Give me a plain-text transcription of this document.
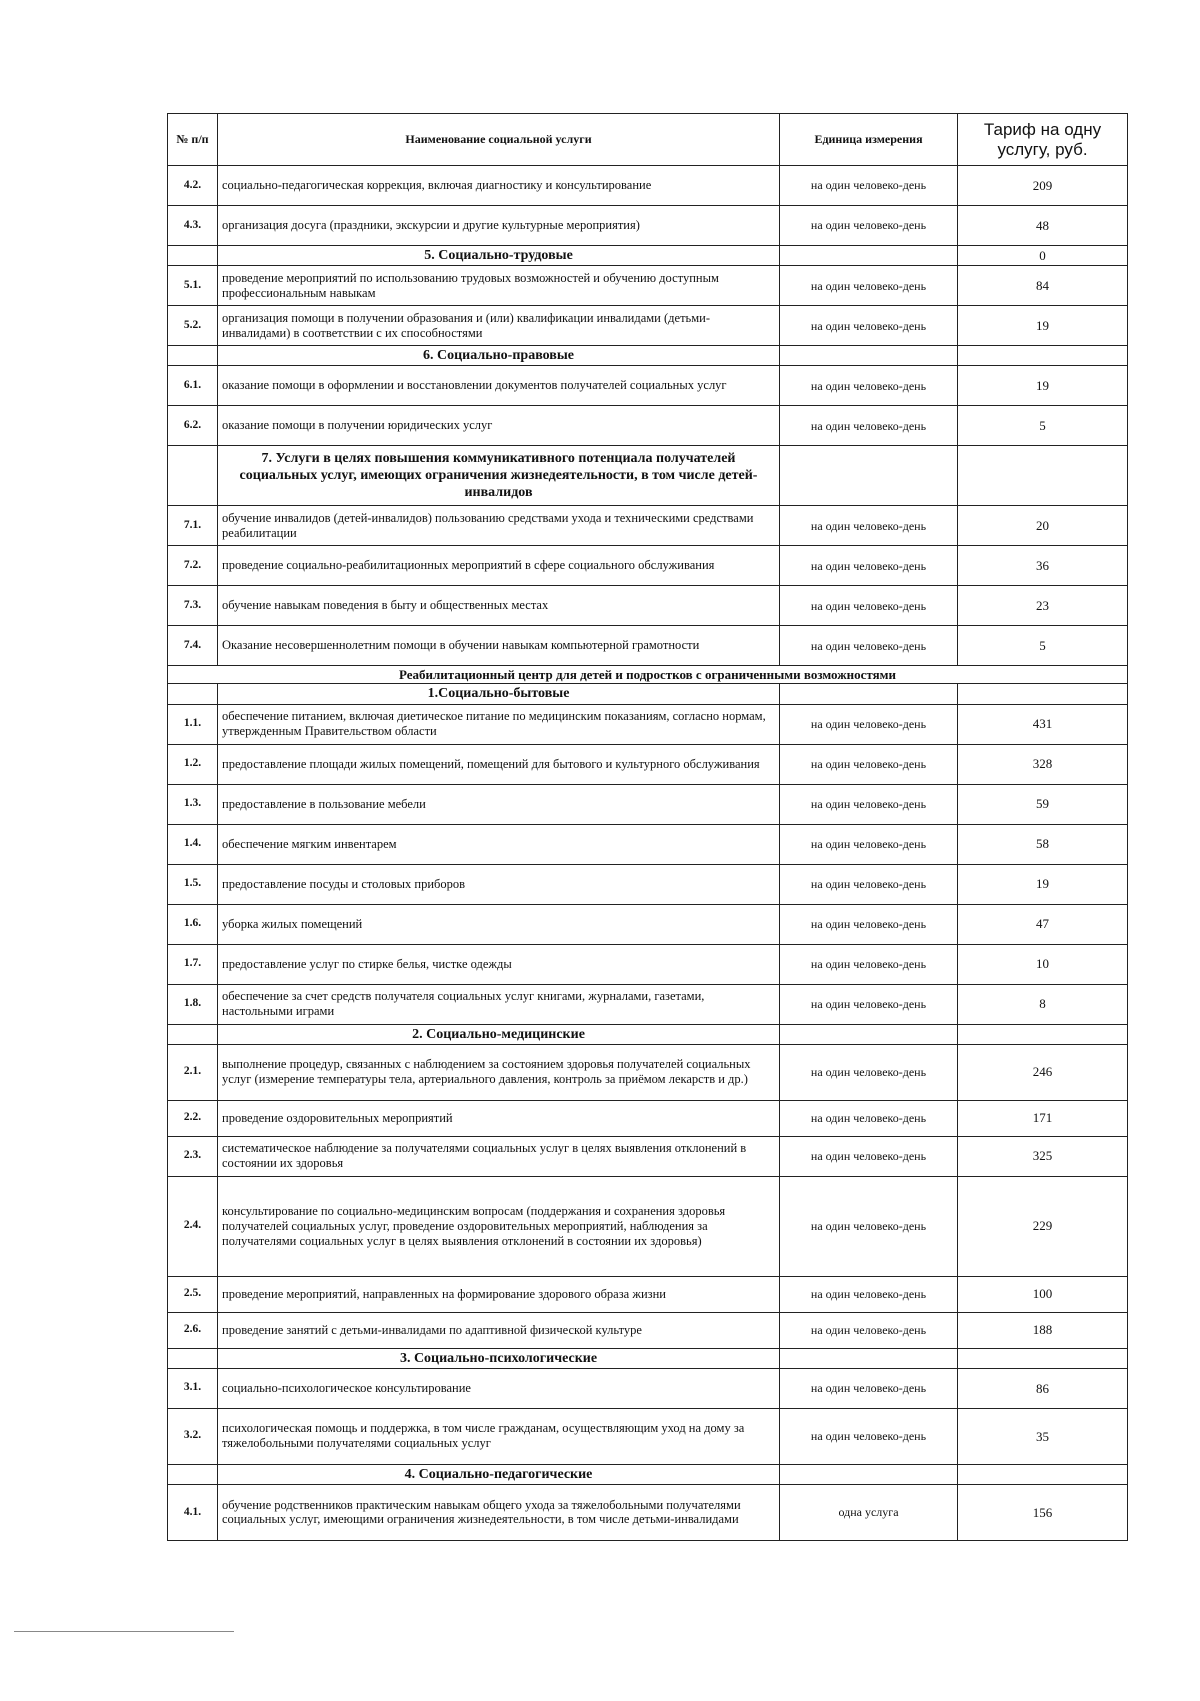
№ п/п	Наименование социальной услуги	Единица измерения	Тариф на одну услугу, руб.
4.2.	социально-педагогическая коррекция, включая диагностику и консультирование	на один человеко-день	209
4.3.	организация досуга (праздники, экскурсии и другие культурные мероприятия)	на один человеко-день	48
	5. Социально-трудовые		0
5.1.	проведение мероприятий по использованию трудовых возможностей и обучению доступным профессиональным навыкам	на один человеко-день	84
5.2.	организация помощи в получении образования и (или) квалификации инвалидами (детьми-инвалидами) в соответствии с их способностями	на один человеко-день	19
	6. Социально-правовые		
6.1.	оказание помощи в оформлении и восстановлении документов получателей социальных услуг	на один человеко-день	19
6.2.	оказание помощи в получении юридических услуг	на один человеко-день	5
	7. Услуги в целях повышения коммуникативного потенциала получателей социальных услуг, имеющих ограничения жизнедеятельности, в том числе детей-инвалидов		
7.1.	обучение инвалидов (детей-инвалидов) пользованию средствами ухода и техническими средствами реабилитации	на один человеко-день	20
7.2.	проведение социально-реабилитационных мероприятий в сфере социального обслуживания	на один человеко-день	36
7.3.	обучение навыкам поведения в быту и общественных местах	на один человеко-день	23
7.4.	Оказание несовершеннолетним помощи в обучении навыкам компьютерной грамотности	на один человеко-день	5
Реабилитационный центр для детей и подростков с ограниченными возможностями			
	1.Социально-бытовые		
1.1.	обеспечение питанием, включая диетическое питание по медицинским показаниям, согласно нормам, утвержденным Правительством области	на один человеко-день	431
1.2.	предоставление площади жилых помещений, помещений для бытового и культурного обслуживания	на один человеко-день	328
1.3.	предоставление в пользование мебели	на один человеко-день	59
1.4.	обеспечение мягким инвентарем	на один человеко-день	58
1.5.	предоставление посуды и столовых приборов	на один человеко-день	19
1.6.	уборка жилых помещений	на один человеко-день	47
1.7.	предоставление услуг по стирке белья, чистке одежды	на один человеко-день	10
1.8.	обеспечение за счет средств получателя социальных услуг книгами, журналами, газетами, настольными играми	на один человеко-день	8
	2. Социально-медицинские		
2.1.	выполнение процедур, связанных с наблюдением за состоянием здоровья получателей социальных услуг (измерение температуры тела, артериального давления, контроль за приёмом лекарств и др.)	на один человеко-день	246
2.2.	проведение оздоровительных мероприятий	на один человеко-день	171
2.3.	систематическое наблюдение за получателями социальных услуг в целях выявления отклонений в состоянии их здоровья	на один человеко-день	325
2.4.	консультирование по социально-медицинским вопросам (поддержания и сохранения здоровья получателей социальных услуг, проведение оздоровительных мероприятий, наблюдения за получателями социальных услуг в целях выявления отклонений в состоянии их здоровья)	на один человеко-день	229
2.5.	проведение мероприятий, направленных на формирование здорового образа жизни	на один человеко-день	100
2.6.	проведение занятий с детьми-инвалидами по адаптивной физической культуре	на один человеко-день	188
	3. Социально-психологические		
3.1.	социально-психологическое консультирование	на один человеко-день	86
3.2.	психологическая помощь и поддержка, в том числе гражданам, осуществляющим уход на дому за тяжелобольными получателями социальных услуг	на один человеко-день	35
	4. Социально-педагогические		
4.1.	обучение родственников практическим навыкам общего ухода за тяжелобольными получателями социальных услуг, имеющими ограничения жизнедеятельности, в том числе детьми-инвалидами	одна услуга	156
